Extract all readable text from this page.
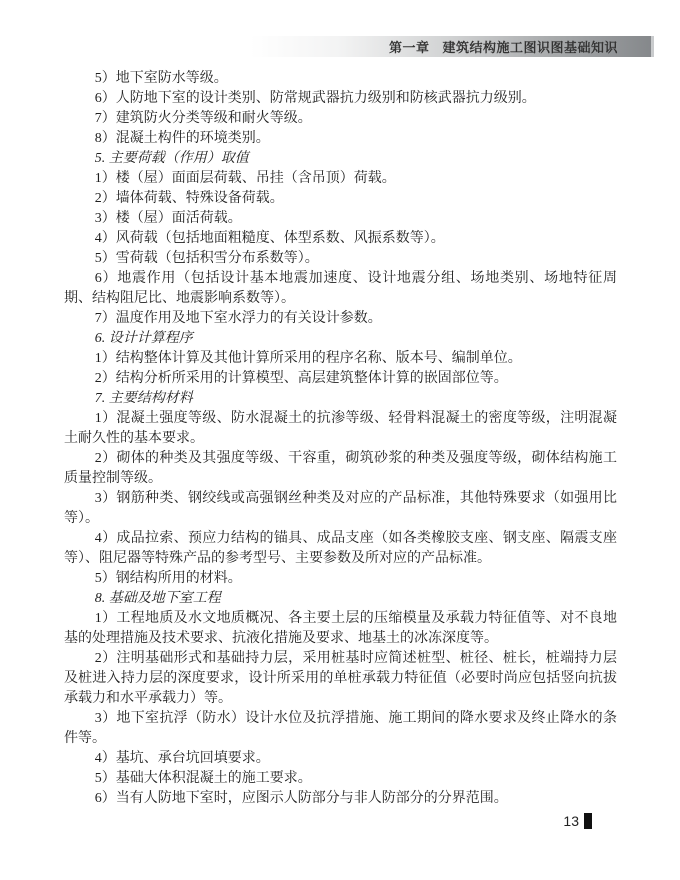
第一章 建筑结构施工图识图基础知识

5）地下室防水等级。

6）人防地下室的设计类别、防常规武器抗力级别和防核武器抗力级别。

7）建筑防火分类等级和耐火等级。

8）混凝土构件的环境类别。

5. 主要荷载（作用）取值

1）楼（屋）面面层荷载、吊挂（含吊顶）荷载。

2）墙体荷载、特殊设备荷载。

3）楼（屋）面活荷载。

4）风荷载（包括地面粗糙度、体型系数、风振系数等）。

5）雪荷载（包括积雪分布系数等）。

6）地震作用（包括设计基本地震加速度、设计地震分组、场地类别、场地特征周期、结构阻尼比、地震影响系数等）。

7）温度作用及地下室水浮力的有关设计参数。

6. 设计计算程序

1）结构整体计算及其他计算所采用的程序名称、版本号、编制单位。

2）结构分析所采用的计算模型、高层建筑整体计算的嵌固部位等。

7. 主要结构材料

1）混凝土强度等级、防水混凝土的抗渗等级、轻骨料混凝土的密度等级，注明混凝土耐久性的基本要求。

2）砌体的种类及其强度等级、干容重，砌筑砂浆的种类及强度等级，砌体结构施工质量控制等级。

3）钢筋种类、钢绞线或高强钢丝种类及对应的产品标准，其他特殊要求（如强用比等）。

4）成品拉索、预应力结构的锚具、成品支座（如各类橡胶支座、钢支座、隔震支座等）、阻尼器等特殊产品的参考型号、主要参数及所对应的产品标准。

5）钢结构所用的材料。

8. 基础及地下室工程

1）工程地质及水文地质概况、各主要土层的压缩模量及承载力特征值等、对不良地基的处理措施及技术要求、抗液化措施及要求、地基土的冰冻深度等。

2）注明基础形式和基础持力层，采用桩基时应简述桩型、桩径、桩长，桩端持力层及桩进入持力层的深度要求，设计所采用的单桩承载力特征值（必要时尚应包括竖向抗拔承载力和水平承载力）等。

3）地下室抗浮（防水）设计水位及抗浮措施、施工期间的降水要求及终止降水的条件等。

4）基坑、承台坑回填要求。

5）基础大体积混凝土的施工要求。

6）当有人防地下室时，应图示人防部分与非人防部分的分界范围。

13
